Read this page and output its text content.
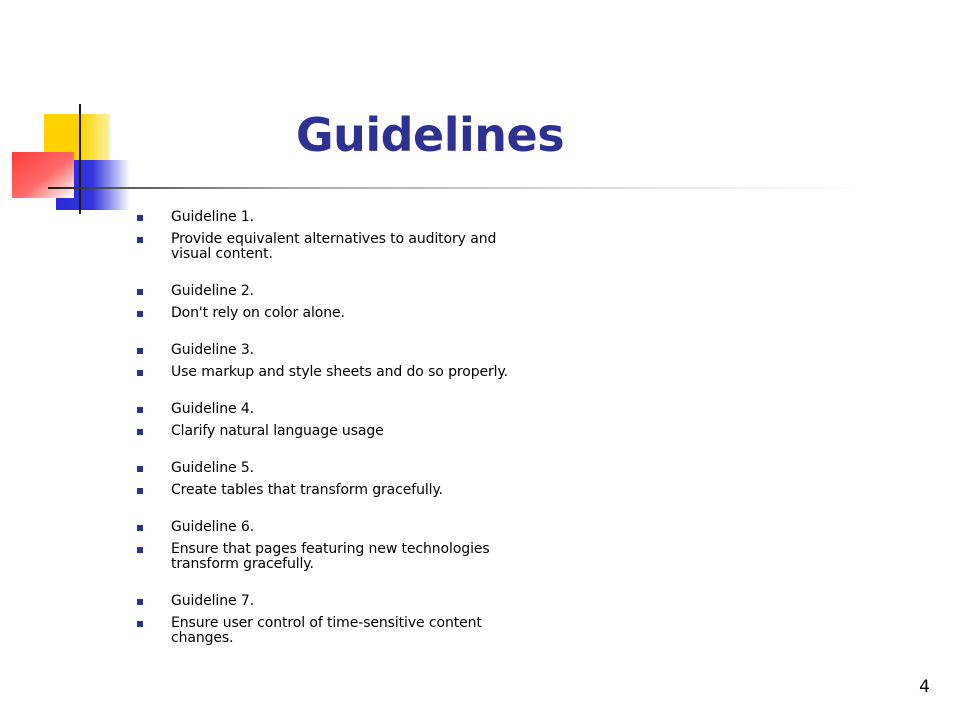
Guidelines
Guideline 1.
Provide equivalent alternatives to auditory and visual content.
Guideline 2.
Don't rely on color alone.
Guideline 3.
Use markup and style sheets and do so properly.
Guideline 4.
Clarify natural language usage
Guideline 5.
Create tables that transform gracefully.
Guideline 6.
Ensure that pages featuring new technologies transform gracefully.
Guideline 7.
Ensure user control of time-sensitive content changes.
4
